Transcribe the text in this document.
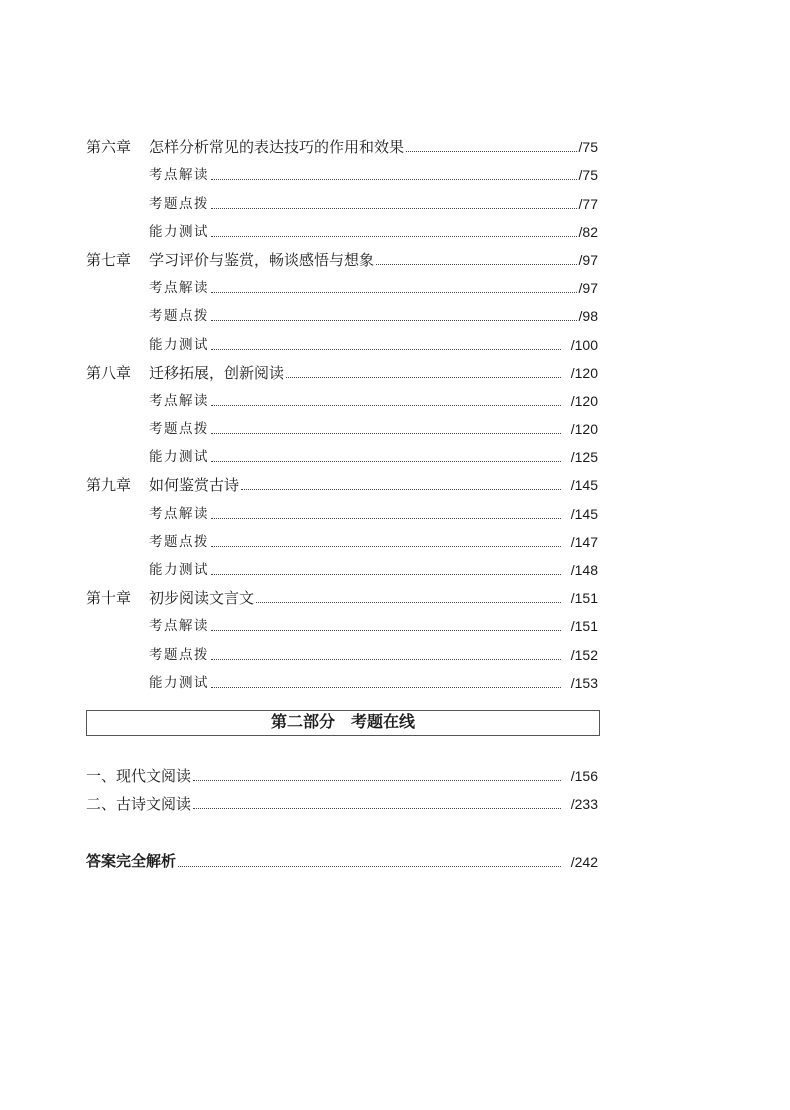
第六章	怎样分析常见的表达技巧的作用和效果	/75
考点解读	/75
考题点拨	/77
能力测试	/82
第七章	学习评价与鉴赏，畅谈感悟与想象	/97
考点解读	/97
考题点拨	/98
能力测试	/100
第八章	迁移拓展，创新阅读	/120
考点解读	/120
考题点拨	/120
能力测试	/125
第九章	如何鉴赏古诗	/145
考点解读	/145
考题点拨	/147
能力测试	/148
第十章	初步阅读文言文	/151
考点解读	/151
考题点拨	/152
能力测试	/153
第二部分　考题在线
一、现代文阅读	/156
二、古诗文阅读	/233
答案完全解析	/242
